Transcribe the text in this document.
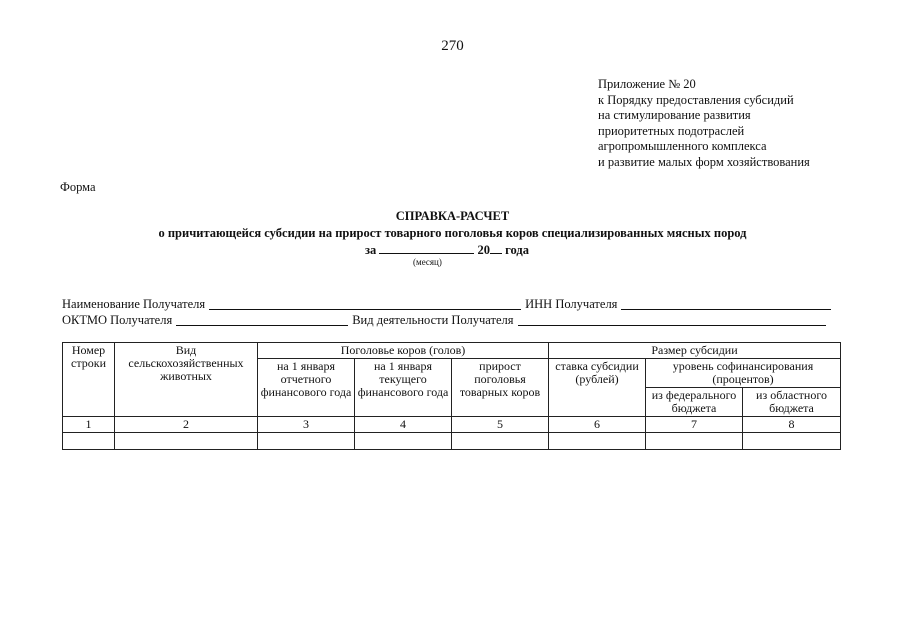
270
Приложение № 20
к Порядку предоставления субсидий
на стимулирование развития
приоритетных подотраслей
агропромышленного комплекса
и развитие малых форм хозяйствования
Форма
СПРАВКА-РАСЧЕТ
о причитающейся субсидии на прирост товарного поголовья коров специализированных мясных пород
за	20 года
(месяц)
Наименование Получателя	ИНН Получателя
ОКТМО Получателя	Вид деятельности Получателя
Номер строки	Вид сельскохозяйственных животных	Поголовье коров (голов)			Размер субсидии		
		на 1 января отчетного финансового года	на 1 января текущего финансового года	прирост поголовья товарных коров	ставка субсидии (рублей)	уровень софинансирования (процентов)	
						из федерального бюджета	из областного бюджета
1	2	3	4	5	6	7	8
